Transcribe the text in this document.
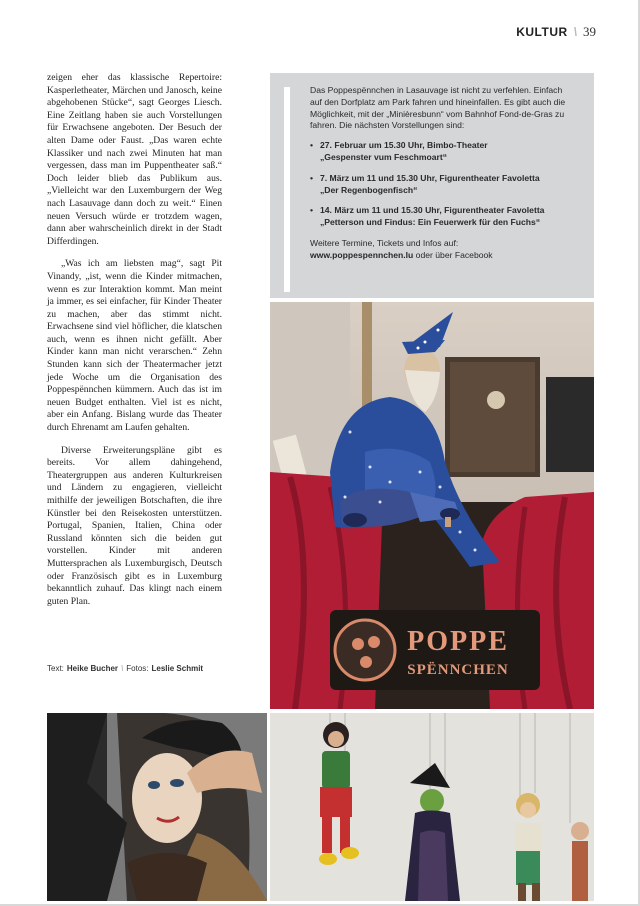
KULTUR \ 39

zeigen eher das klassische Repertoire: Kasperletheater, Märchen und Janosch, keine abgehobenen Stücke“, sagt Georges Liesch. Eine Zeitlang haben sie auch Vorstellungen für Erwachsene angeboten. Der Besuch der alten Dame oder Faust. „Das waren echte Klassiker und nach zwei Minuten hat man vergessen, dass man im Puppentheater saß.“ Doch leider blieb das Publikum aus. „Vielleicht war den Luxemburgern der Weg nach Lasauvage dann doch zu weit.“ Einen neuen Versuch würde er trotzdem wagen, dann aber wahrscheinlich direkt in der Stadt Differdingen.

„Was ich am liebsten mag“, sagt Pit Vinandy, „ist, wenn die Kinder mitmachen, wenn es zur Interaktion kommt. Man meint ja immer, es sei einfacher, für Kinder Theater zu machen, aber das stimmt nicht. Erwachsene sind viel höflicher, die klatschen auch, wenn es ihnen nicht gefällt. Aber Kinder kann man nicht verarschen.“ Zehn Stunden kann sich der Theatermacher jetzt jede Woche um die Organisation des Poppespënnchen kümmern. Auch das ist im neuen Budget enthalten. Viel ist es nicht, aber ein Anfang. Bislang wurde das Theater durch Ehrenamt am Laufen gehalten.

Diverse Erweiterungspläne gibt es bereits. Vor allem dahingehend, Theatergruppen aus anderen Kulturkreisen und Ländern zu engagieren, vielleicht mithilfe der jeweiligen Botschaften, die ihre Künstler bei den Reisekosten unterstützen. Portugal, Spanien, Italien, China oder Russland könnten sich die beiden gut vorstellen. Kinder mit anderen Muttersprachen als Luxemburgisch, Deutsch oder Französisch gibt es in Luxemburg bekanntlich zuhauf. Das klingt nach einem guten Plan.

Text: Heike Bucher \ Fotos: Leslie Schmit
Das Poppespënnchen in Lasauvage ist nicht zu verfehlen. Einfach auf den Dorfplatz am Park fahren und hineinfallen. Es gibt auch die Möglichkeit, mit der „Minièresbunn“ vom Bahnhof Fond-de-Gras zu fahren. Die nächsten Vorstellungen sind:
• 27. Februar um 15.30 Uhr, Bimbo-Theater
„Gespenster vum Feschmoart“
• 7. März um 11 und 15.30 Uhr, Figurentheater Favoletta
„Der Regenbogenfisch“
• 14. März um 11 und 15.30 Uhr, Figurentheater Favoletta
„Petterson und Findus: Ein Feuerwerk für den Fuchs“
Weitere Termine, Tickets und Infos auf:
www.poppespennchen.lu oder über Facebook
POPPE
SPËNNCHEN
